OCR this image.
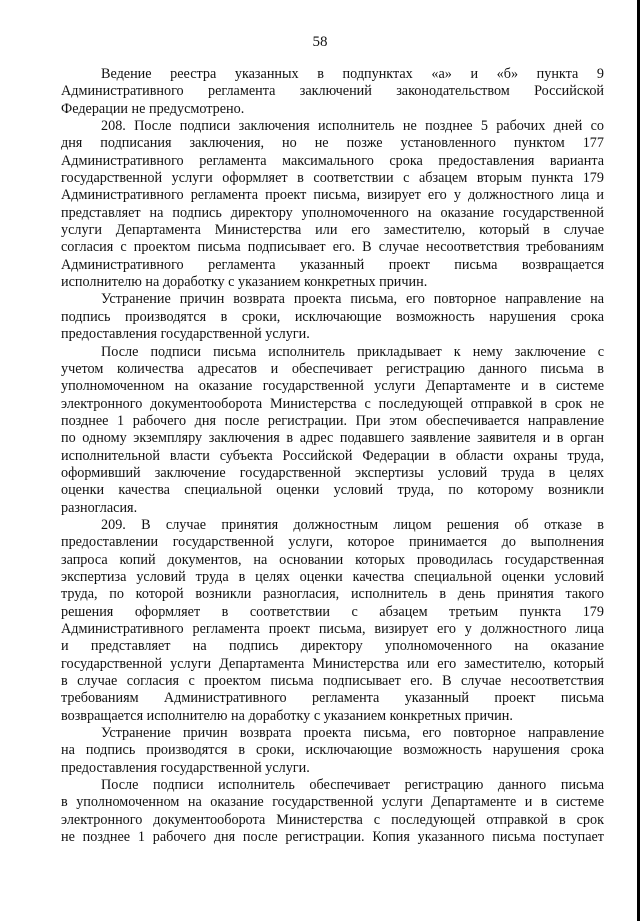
58

Ведение реестра указанных в подпунктах «а» и «б» пункта 9
Административного регламента заключений законодательством Российской
Федерации не предусмотрено.

208. После подписи заключения исполнитель не позднее 5 рабочих дней со
дня подписания заключения, но не позже установленного пунктом 177
Административного регламента максимального срока предоставления варианта
государственной услуги оформляет в соответствии с абзацем вторым пункта 179
Административного регламента проект письма, визирует его у должностного лица и
представляет на подпись директору уполномоченного на оказание государственной
услуги Департамента Министерства или его заместителю, который в случае
согласия с проектом письма подписывает его. В случае несоответствия требованиям
Административного регламента указанный проект письма возвращается
исполнителю на доработку с указанием конкретных причин.

Устранение причин возврата проекта письма, его повторное направление на
подпись производятся в сроки, исключающие возможность нарушения срока
предоставления государственной услуги.

После подписи письма исполнитель прикладывает к нему заключение с
учетом количества адресатов и обеспечивает регистрацию данного письма в
уполномоченном на оказание государственной услуги Департаменте и в системе
электронного документооборота Министерства с последующей отправкой в срок не
позднее 1 рабочего дня после регистрации. При этом обеспечивается направление
по одному экземпляру заключения в адрес подавшего заявление заявителя и в орган
исполнительной власти субъекта Российской Федерации в области охраны труда,
оформивший заключение государственной экспертизы условий труда в целях
оценки качества специальной оценки условий труда, по которому возникли
разногласия.

209. В случае принятия должностным лицом решения об отказе в
предоставлении государственной услуги, которое принимается до выполнения
запроса копий документов, на основании которых проводилась государственная
экспертиза условий труда в целях оценки качества специальной оценки условий
труда, по которой возникли разногласия, исполнитель в день принятия такого
решения оформляет в соответствии с абзацем третьим пункта 179
Административного регламента проект письма, визирует его у должностного лица
и представляет на подпись директору уполномоченного на оказание
государственной услуги Департамента Министерства или его заместителю, который
в случае согласия с проектом письма подписывает его. В случае несоответствия
требованиям Административного регламента указанный проект письма
возвращается исполнителю на доработку с указанием конкретных причин.

Устранение причин возврата проекта письма, его повторное направление
на подпись производятся в сроки, исключающие возможность нарушения срока
предоставления государственной услуги.

После подписи исполнитель обеспечивает регистрацию данного письма
в уполномоченном на оказание государственной услуги Департаменте и в системе
электронного документооборота Министерства с последующей отправкой в срок
не позднее 1 рабочего дня после регистрации. Копия указанного письма поступает
